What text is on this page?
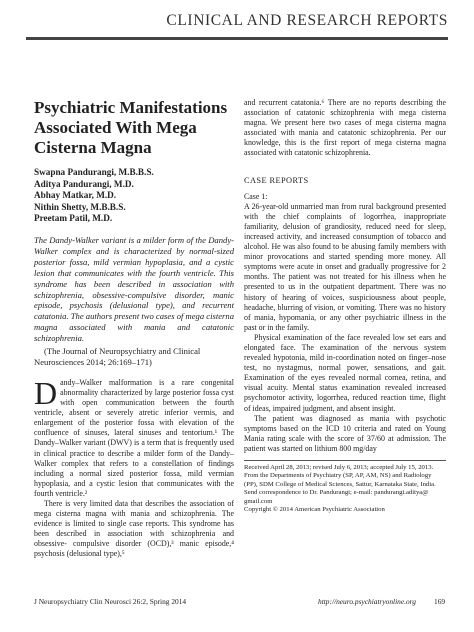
CLINICAL AND RESEARCH REPORTS
Psychiatric Manifestations
Associated With Mega
Cisterna Magna
Swapna Pandurangi, M.B.B.S.
Aditya Pandurangi, M.D.
Abhay Matkar, M.D.
Nithin Shetty, M.B.B.S.
Preetam Patil, M.D.
The Dandy-Walker variant is a milder form of the Dandy-Walker complex and is characterized by normal-sized posterior fossa, mild vermian hypoplasia, and a cystic lesion that communicates with the fourth ventricle. This syndrome has been described in association with schizophrenia, obsessive-compulsive disorder, manic episode, psychosis (delusional type), and recurrent catatonia. The authors present two cases of mega cisterna magna associated with mania and catatonic schizophrenia.
(The Journal of Neuropsychiatry and Clinical Neurosciences 2014; 26:169–171)

Dandy–Walker malformation is a rare congenital abnormality characterized by large posterior fossa cyst with open communication between the fourth ventricle, absent or severely atretic inferior vermis, and enlargement of the posterior fossa with elevation of the confluence of sinuses, lateral sinuses and tentorium.¹ The Dandy–Walker variant (DWV) is a term that is frequently used in clinical practice to describe a milder form of the Dandy–Walker complex that refers to a constellation of findings including a normal sized posterior fossa, mild vermian hypoplasia, and a cystic lesion that communicates with the fourth ventricle.²

There is very limited data that describes the association of mega cisterna magna with mania and schizophrenia. The evidence is limited to single case reports. This syndrome has been described in association with schizophrenia and obsessive- compulsive disorder (OCD),³ manic episode,⁴ psychosis (delusional type),⁵

and recurrent catatonia.⁶ There are no reports describing the association of catatonic schizophrenia with mega cisterna magna. We present here two cases of mega cisterna magna associated with mania and catatonic schizophrenia. Per our knowledge, this is the first report of mega cisterna magna associated with catatonic schizophrenia.

CASE REPORTS

Case 1:

A 26-year-old unmarried man from rural background presented with the chief complaints of logorrhea, inappropriate familiarity, delusion of grandiosity, reduced need for sleep, increased activity, and increased consumption of tobacco and alcohol. He was also found to be abusing family members with minor provocations and started spending more money. All symptoms were acute in onset and gradually progressive for 2 months. The patient was not treated for his illness when he presented to us in the outpatient department. There was no history of hearing of voices, suspiciousness about people, headache, blurring of vision, or vomiting. There was no history of mania, hypomania, or any other psychiatric illness in the past or in the family.

Physical examination of the face revealed low set ears and elongated face. The examination of the nervous system revealed hypotonia, mild in-coordination noted on finger–nose test, no nystagmus, normal power, sensations, and gait. Examination of the eyes revealed normal cornea, retina, and visual acuity. Mental status examination revealed increased psychomotor activity, logorrhea, reduced reaction time, flight of ideas, impaired judgment, and absent insight.

The patient was diagnosed as mania with psychotic symptoms based on the ICD 10 criteria and rated on Young Mania rating scale with the score of 37/60 at admission. The patient was started on lithium 800 mg/day

Received April 28, 2013; revised July 6, 2013; accepted July 15, 2013.
From the Departments of Psychiatry (SP, AP, AM, NS) and Radiology
(PP), SDM College of Medical Sciences, Sattur, Karnataka State, India.
Send correspondence to Dr. Pandurangi; e-mail: pandurangi.aditya@
gmail.com
Copyright © 2014 American Psychiatric Association
J Neuropsychiatry Clin Neurosci 26:2, Spring 2014	http://neuro.psychiatryonline.org 169
